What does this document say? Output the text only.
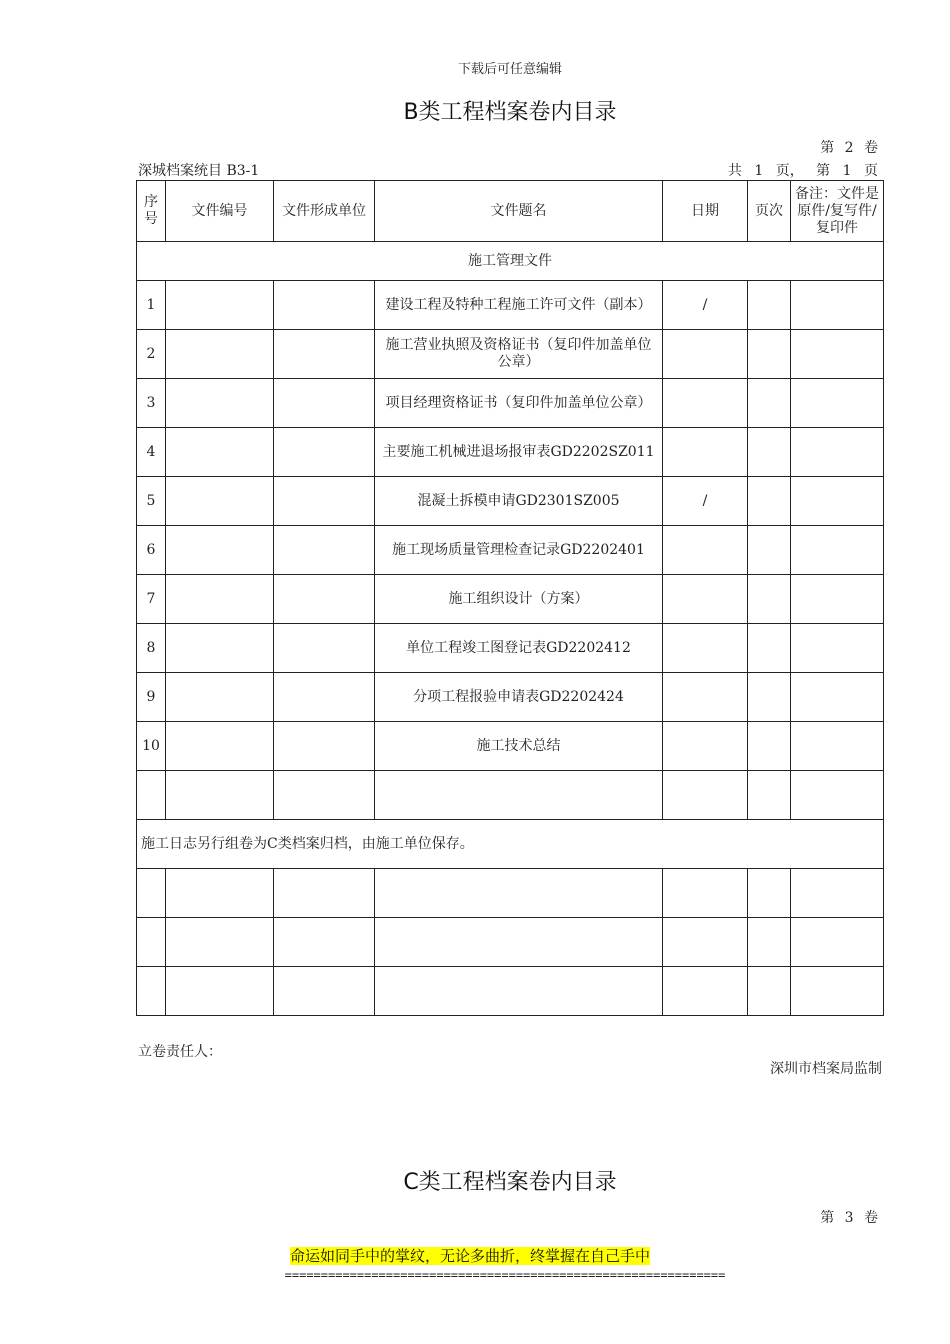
下载后可任意编辑
B类工程档案卷内目录
第 2 卷
深城档案统目 B3-1	共 1 页， 第 1 页
序号	文件编号	文件形成单位	文件题名	日期	页次	备注：文件是原件/复写件/复印件
施工管理文件						
1			建设工程及特种工程施工许可文件（副本）	/		
2			施工营业执照及资格证书（复印件加盖单位公章）			
3			项目经理资格证书（复印件加盖单位公章）			
4			主要施工机械进退场报审表GD2202SZ011			
5			混凝土拆模申请GD2301SZ005	/		
6			施工现场质量管理检查记录GD2202401			
7			施工组织设计（方案）			
8			单位工程竣工图登记表GD2202412			
9			分项工程报验申请表GD2202424			
10			施工技术总结			

施工日志另行组卷为C类档案归档，由施工单位保存。						

立卷责任人：
深圳市档案局监制
C类工程档案卷内目录
第 3 卷
命运如同手中的掌纹，无论多曲折，终掌握在自己手中
=============================================================
